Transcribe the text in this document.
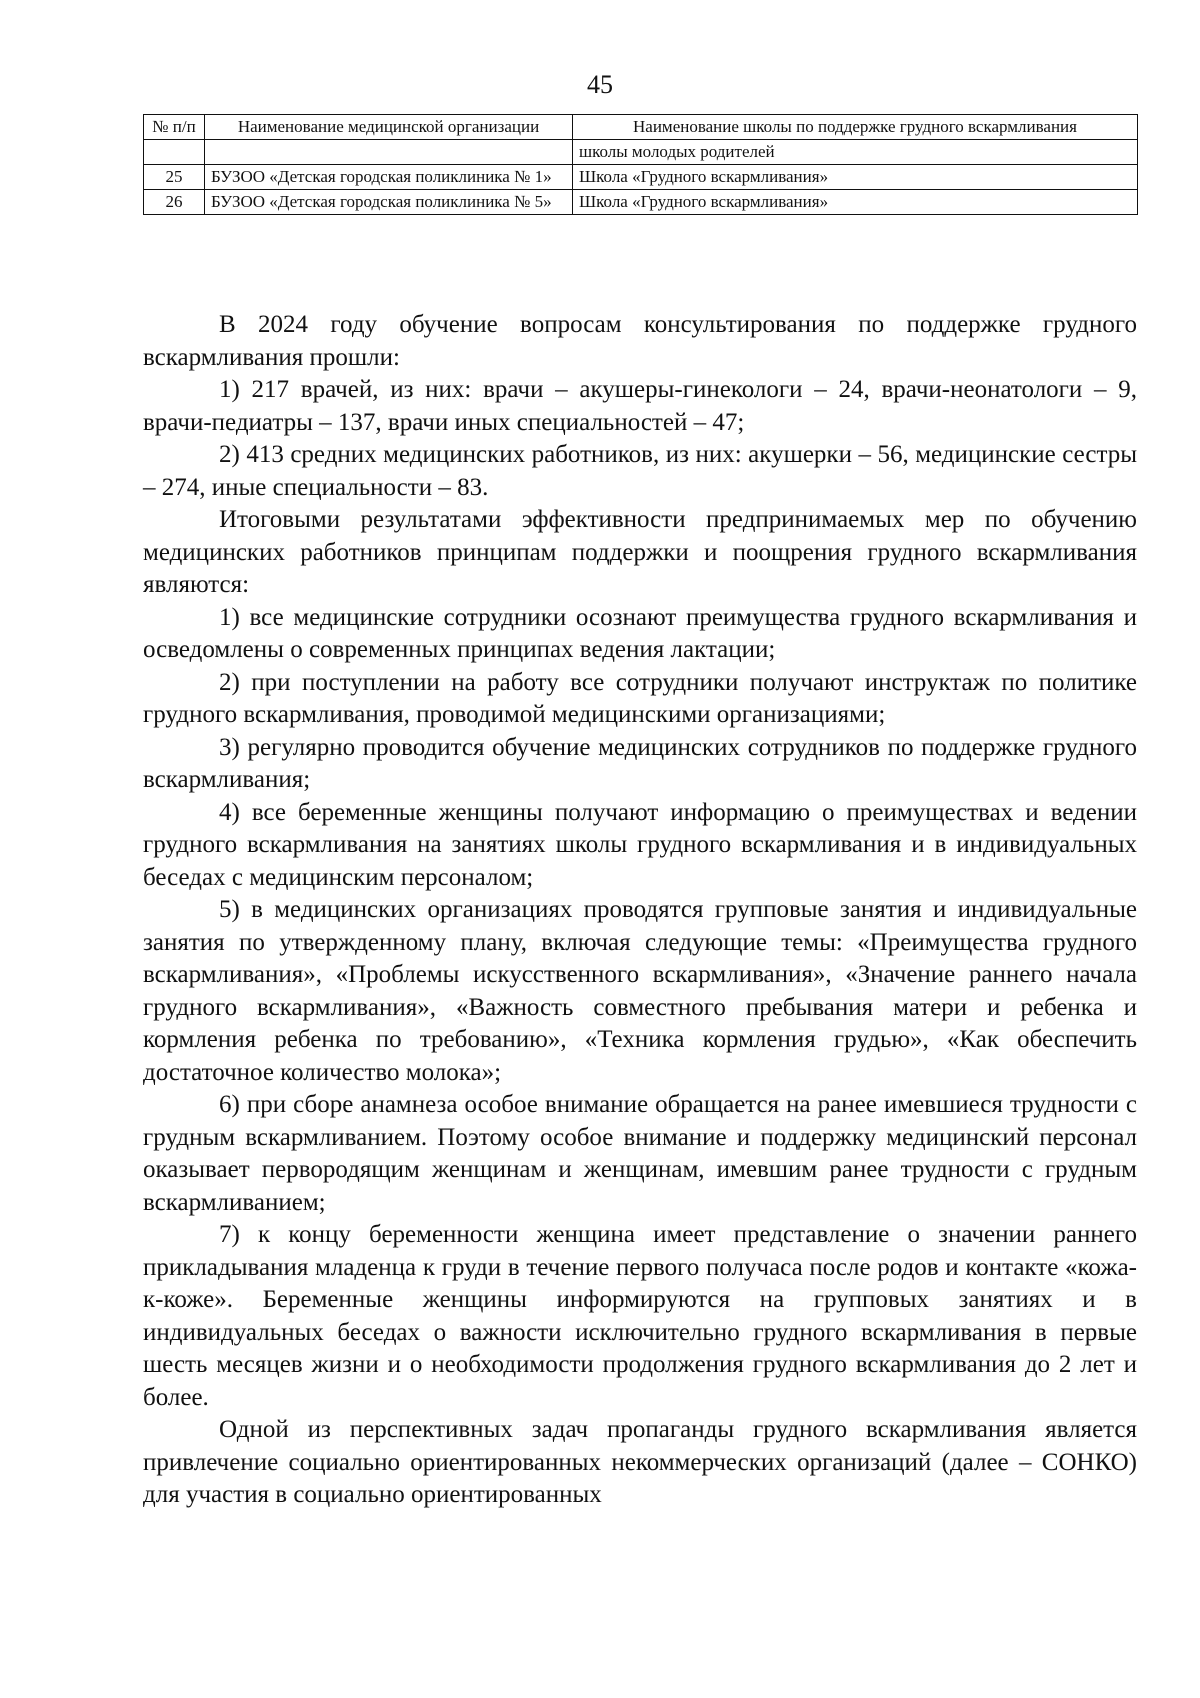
45
№ п/п	Наименование медицинской организации	Наименование школы по поддержке грудного вскармливания
		школы молодых родителей
25	БУЗОО «Детская городская поликлиника № 1»	Школа «Грудного вскармливания»
26	БУЗОО «Детская городская поликлиника № 5»	Школа «Грудного вскармливания»

В 2024 году обучение вопросам консультирования по поддержке грудного вскармливания прошли:

1) 217 врачей, из них: врачи – акушеры-гинекологи – 24, врачи-неонатологи – 9, врачи-педиатры – 137, врачи иных специальностей – 47;

2) 413 средних медицинских работников, из них: акушерки – 56, медицинские сестры – 274, иные специальности – 83.

Итоговыми результатами эффективности предпринимаемых мер по обучению медицинских работников принципам поддержки и поощрения грудного вскармливания являются:

1) все медицинские сотрудники осознают преимущества грудного вскармливания и осведомлены о современных принципах ведения лактации;

2) при поступлении на работу все сотрудники получают инструктаж по политике грудного вскармливания, проводимой медицинскими организациями;

3) регулярно проводится обучение медицинских сотрудников по поддержке грудного вскармливания;

4) все беременные женщины получают информацию о преимуществах и ведении грудного вскармливания на занятиях школы грудного вскармливания и в индивидуальных беседах с медицинским персоналом;

5) в медицинских организациях проводятся групповые занятия и индивидуальные занятия по утвержденному плану, включая следующие темы: «Преимущества грудного вскармливания», «Проблемы искусственного вскармливания», «Значение раннего начала грудного вскармливания», «Важность совместного пребывания матери и ребенка и кормления ребенка по требованию», «Техника кормления грудью», «Как обеспечить достаточное количество молока»;

6) при сборе анамнеза особое внимание обращается на ранее имевшиеся трудности с грудным вскармливанием. Поэтому особое внимание и поддержку медицинский персонал оказывает первородящим женщинам и женщинам, имевшим ранее трудности с грудным вскармливанием;

7) к концу беременности женщина имеет представление о значении раннего прикладывания младенца к груди в течение первого получаса после родов и контакте «кожа-к-коже». Беременные женщины информируются на групповых занятиях и в индивидуальных беседах о важности исключительно грудного вскармливания в первые шесть месяцев жизни и о необходимости продолжения грудного вскармливания до 2 лет и более.

Одной из перспективных задач пропаганды грудного вскармливания является привлечение социально ориентированных некоммерческих организаций (далее – СОНКО) для участия в социально ориентированных
